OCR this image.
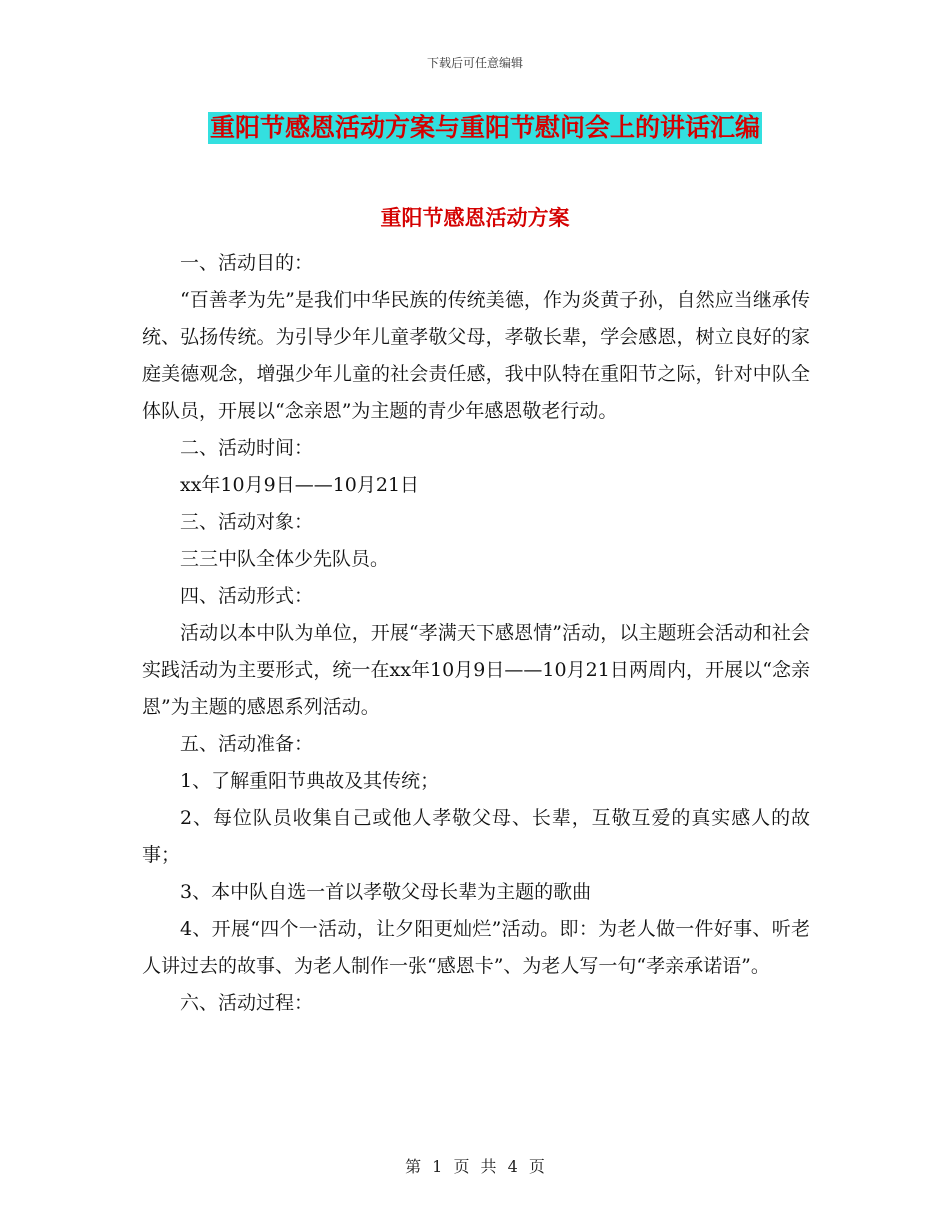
下载后可任意编辑
重阳节感恩活动方案与重阳节慰问会上的讲话汇编
重阳节感恩活动方案

一、活动目的：

“百善孝为先”是我们中华民族的传统美德，作为炎黄子孙，自然应当继承传统、弘扬传统。为引导少年儿童孝敬父母，孝敬长辈，学会感恩，树立良好的家庭美德观念，增强少年儿童的社会责任感，我中队特在重阳节之际，针对中队全体队员，开展以“念亲恩”为主题的青少年感恩敬老行动。

二、活动时间：

xx年10月9日——10月21日

三、活动对象：

三三中队全体少先队员。

四、活动形式：

活动以本中队为单位，开展“孝满天下感恩情”活动，以主题班会活动和社会实践活动为主要形式，统一在xx年10月9日——10月21日两周内，开展以“念亲恩”为主题的感恩系列活动。

五、活动准备：

1、了解重阳节典故及其传统；

2、每位队员收集自己或他人孝敬父母、长辈，互敬互爱的真实感人的故事；

3、本中队自选一首以孝敬父母长辈为主题的歌曲

4、开展“四个一活动，让夕阳更灿烂”活动。即：为老人做一件好事、听老人讲过去的故事、为老人制作一张“感恩卡”、为老人写一句“孝亲承诺语”。

六、活动过程：

第 1 页 共 4 页
